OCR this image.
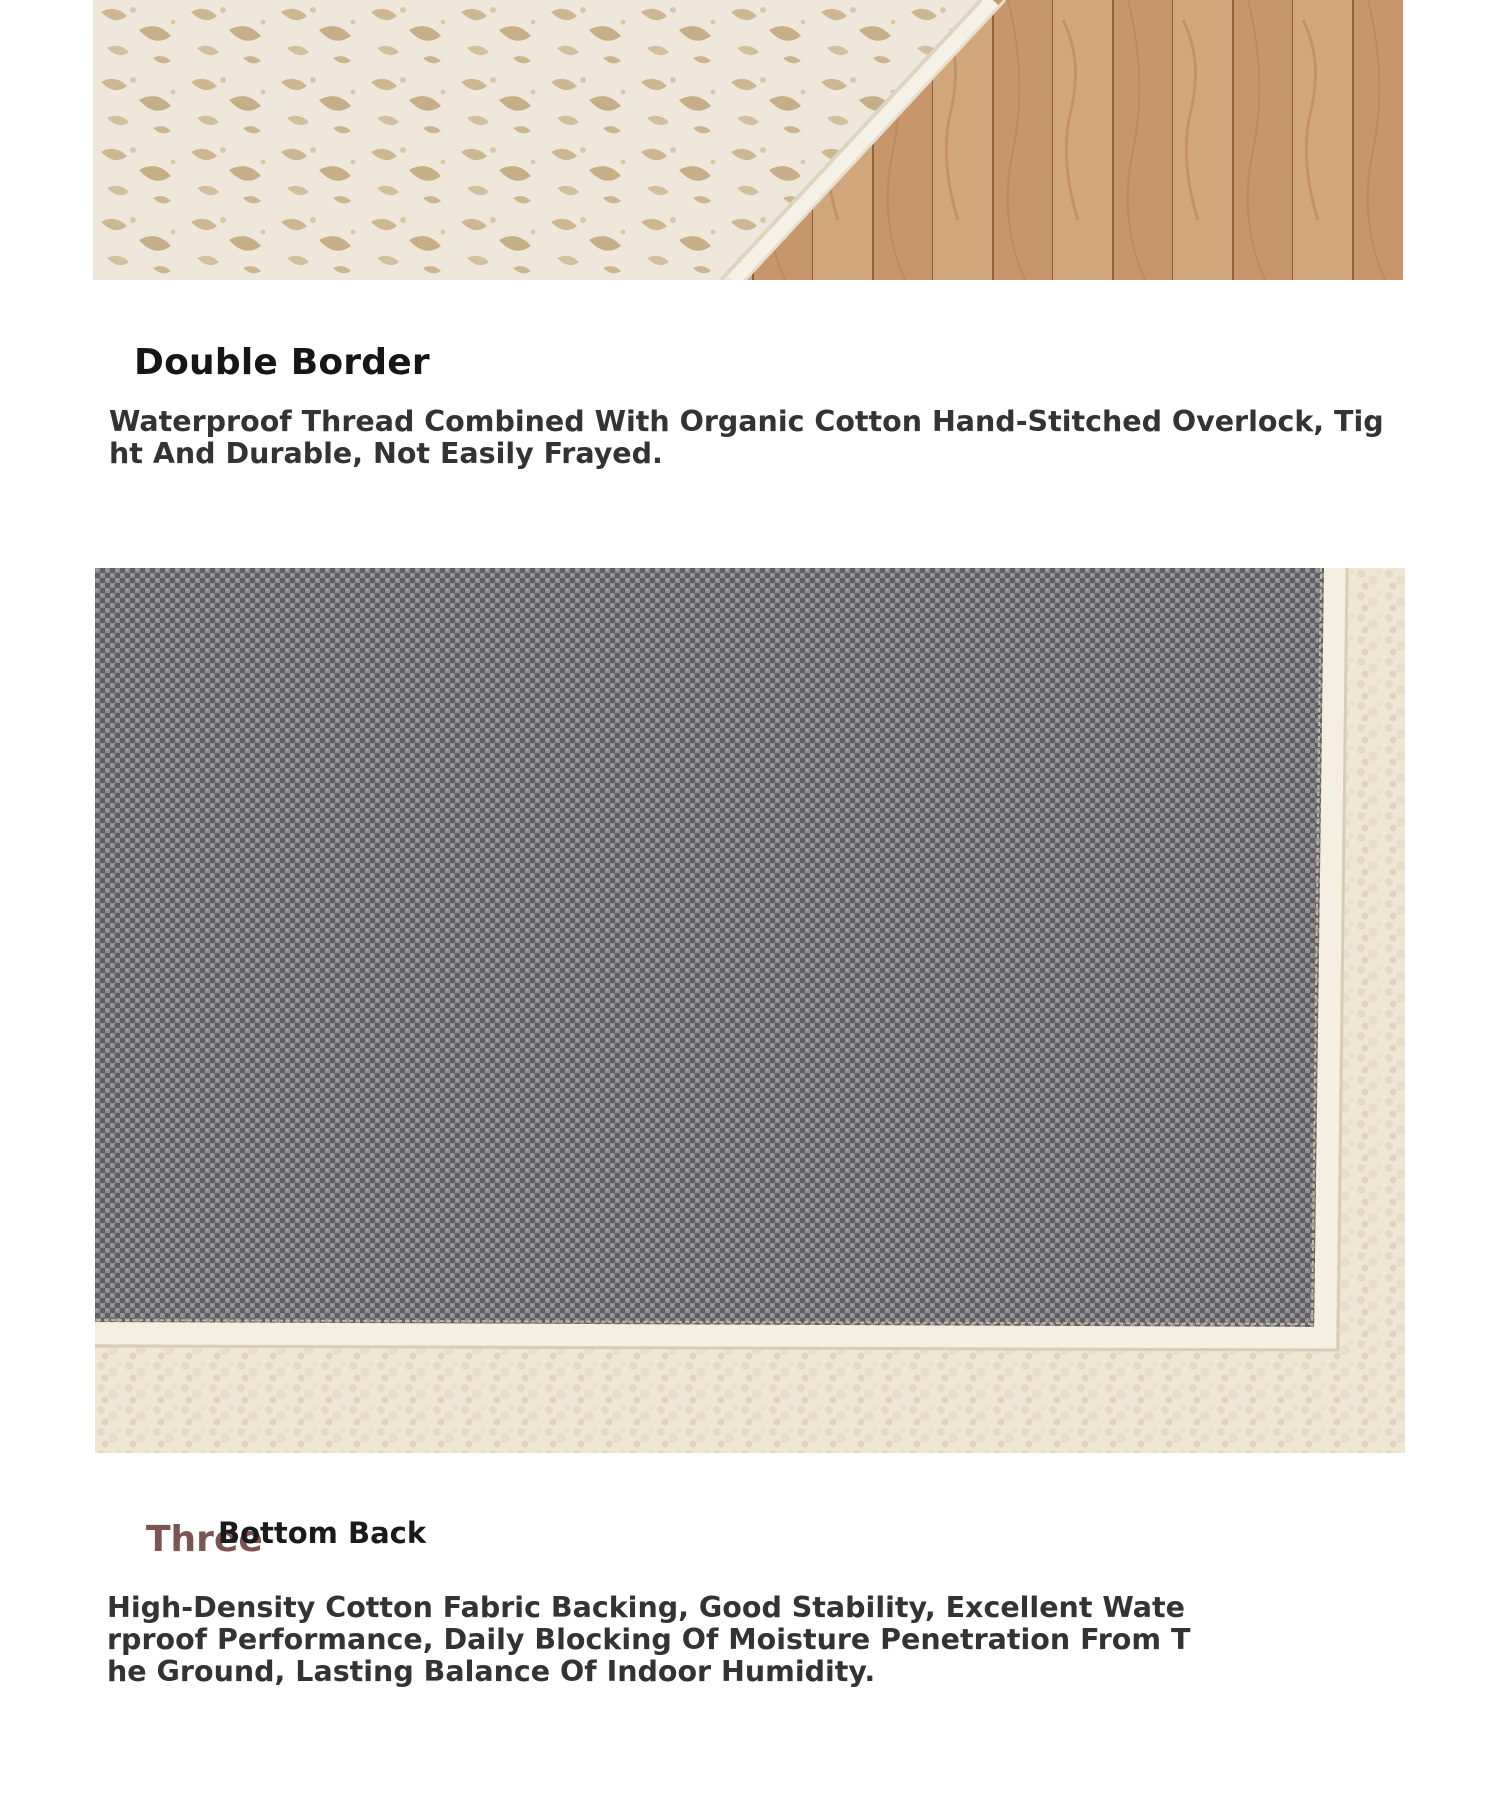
Double Border
Waterproof Thread Combined With Organic Cotton Hand-Stitched Overlock, Tight And Durable, Not Easily Frayed.
Three
Bottom Back
High-Density Cotton Fabric Backing, Good Stability, Excellent Waterproof Performance, Daily Blocking Of Moisture Penetration From The Ground, Lasting Balance Of Indoor Humidity.
